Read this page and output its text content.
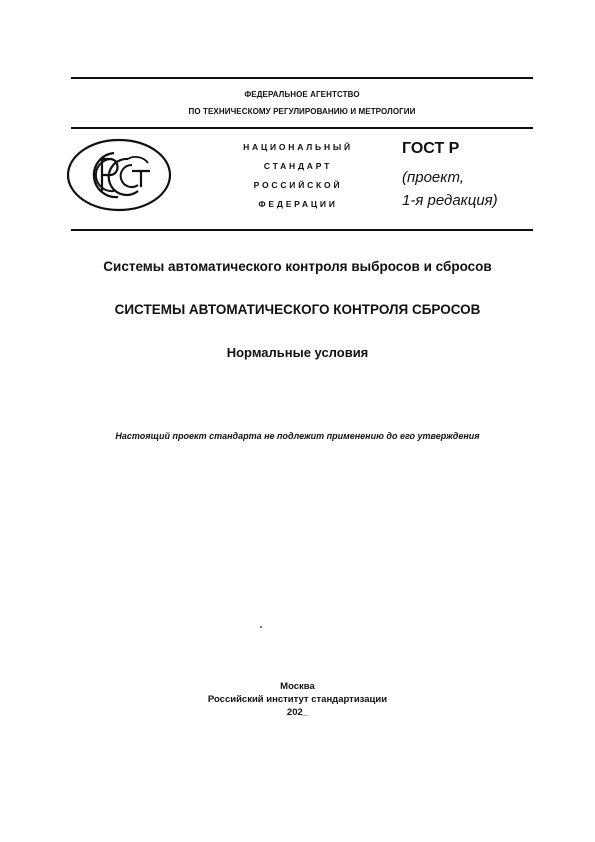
ФЕДЕРАЛЬНОЕ АГЕНТСТВО
ПО ТЕХНИЧЕСКОМУ РЕГУЛИРОВАНИЮ И МЕТРОЛОГИИ
НАЦИОНАЛЬНЫЙ
СТАНДАРТ
РОССИЙСКОЙ
ФЕДЕРАЦИИ
ГОСТ Р
(проект,
1-я редакция)
Системы автоматического контроля выбросов и сбросов
СИСТЕМЫ АВТОМАТИЧЕСКОГО КОНТРОЛЯ СБРОСОВ
Нормальные условия
Настоящий проект стандарта не подлежит применению до его утверждения
Москва
Российский институт стандартизации
202_
